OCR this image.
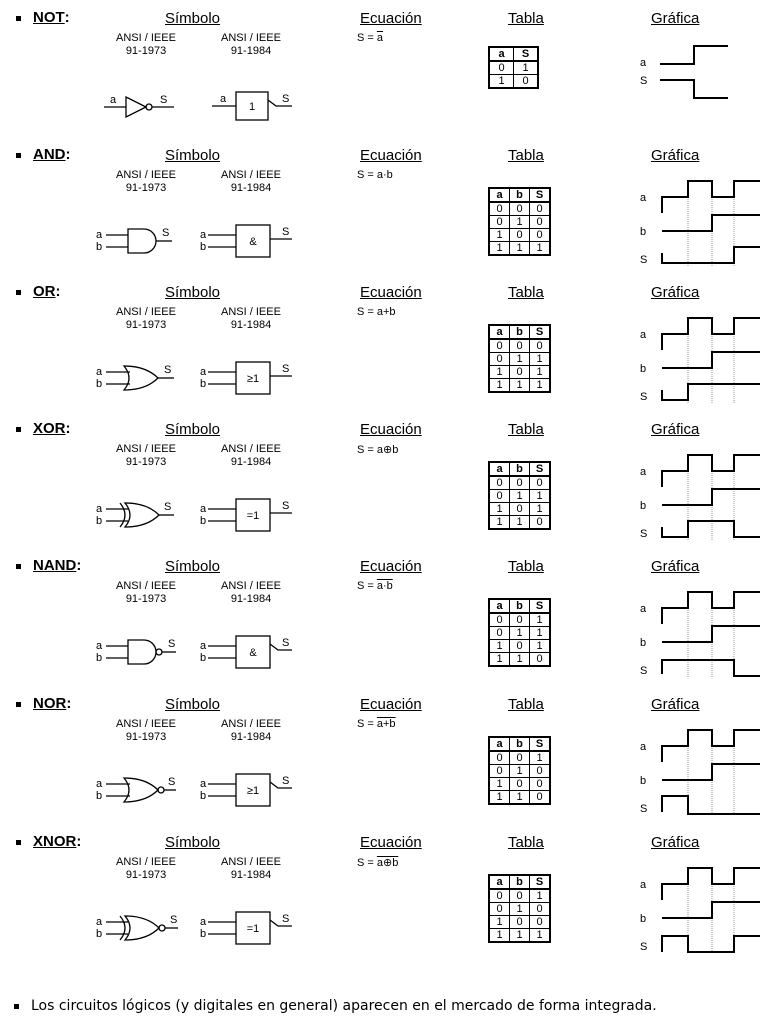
NOT:	Símbolo	Ecuación	Tabla	Gráfica
ANSI / IEEE
91-1973
ANSI / IEEE
91-1984
$S = \overline{a}$
a	S
1
a	S
a	S
0	1
1	0
a
S
AND:	Símbolo	Ecuación	Tabla	Gráfica
ANSI / IEEE
91-1973
ANSI / IEEE
91-1984
S = a·b
a
b
S
&
a
b
S
a	b	S
0	0	0
0	1	0
1	0	0
1	1	1
a
b
S
OR:	Símbolo	Ecuación	Tabla	Gráfica
ANSI / IEEE
91-1973
ANSI / IEEE
91-1984
S = a+b
a
b
S
≥1
a
b
S
a	b	S
0	0	0
0	1	1
1	0	1
1	1	1
a
b
S
XOR:	Símbolo	Ecuación	Tabla	Gráfica
ANSI / IEEE
91-1973
ANSI / IEEE
91-1984
S = a⊕b
a
b
S
=1
a
b
S
a	b	S
0	0	0
0	1	1
1	0	1
1	1	0
a
b
S
NAND:	Símbolo	Ecuación	Tabla	Gráfica
ANSI / IEEE
91-1973
ANSI / IEEE
91-1984
S = a·b
a
b
S
&
a
b
S
a	b	S
0	0	1
0	1	1
1	0	1
1	1	0
a
b
S
NOR:	Símbolo	Ecuación	Tabla	Gráfica
ANSI / IEEE
91-1973
ANSI / IEEE
91-1984
S = a+b
a
b
S
≥1
a
b
S
a	b	S
0	0	1
0	1	0
1	0	0
1	1	0
a
b
S
XNOR:	Símbolo	Ecuación	Tabla	Gráfica
ANSI / IEEE
91-1973
ANSI / IEEE
91-1984
S = a⊕b
a
b
S
=1
a
b
S
a	b	S
0	0	1
0	1	0
1	0	0
1	1	1
a
b
S
Los circuitos lógicos (y digitales en general) aparecen en el mercado de forma integrada.
